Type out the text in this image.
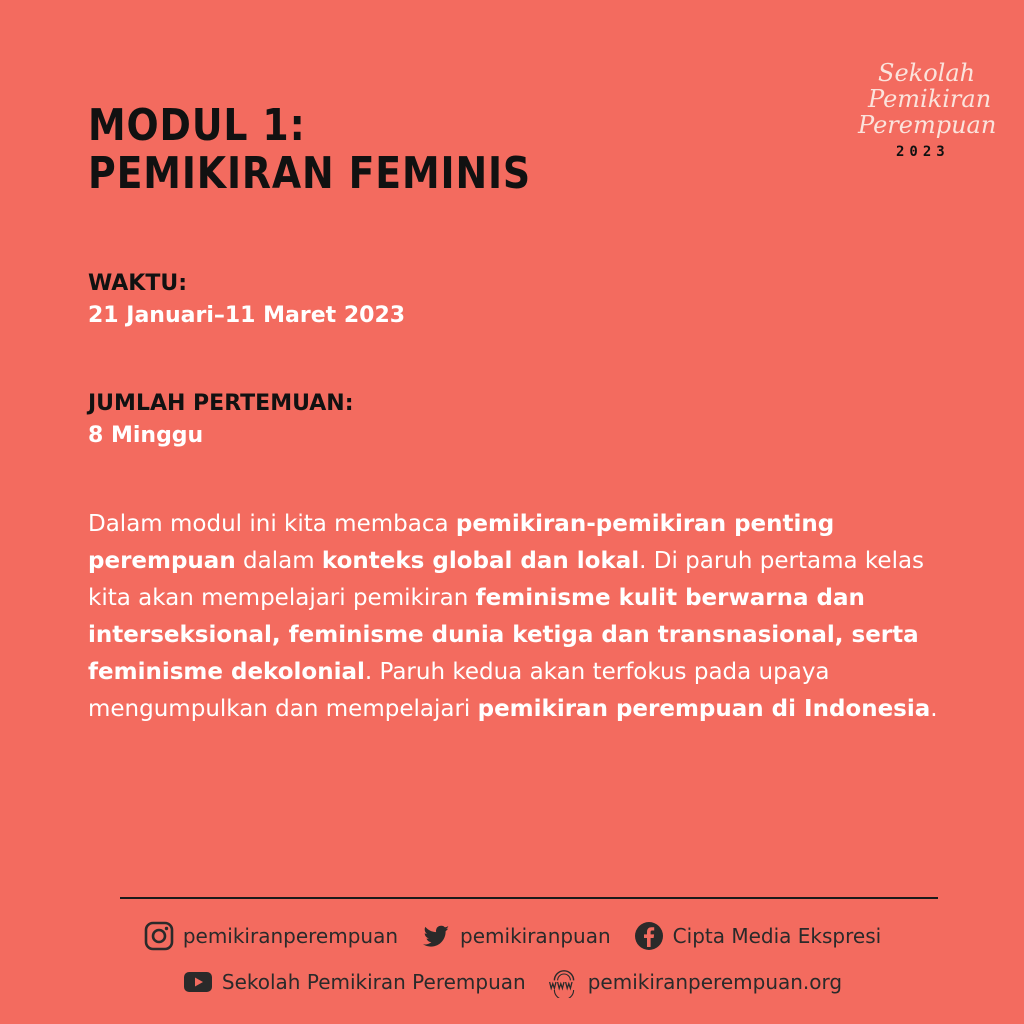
MODUL 1:
PEMIKIRAN FEMINIS
Sekolah
Pemikiran
Perempuan
2023
WAKTU:
21 Januari–11 Maret 2023
JUMLAH PERTEMUAN:
8 Minggu
Dalam modul ini kita membaca pemikiran-pemikiran penting perempuan dalam konteks global dan lokal. Di paruh pertama kelas kita akan mempelajari pemikiran feminisme kulit berwarna dan interseksional, feminisme dunia ketiga dan transnasional, serta feminisme dekolonial. Paruh kedua akan terfokus pada upaya mengumpulkan dan mempelajari pemikiran perempuan di Indonesia.
pemikiranperempuan	pemikiranpuan	Cipta Media Ekspresi
Sekolah Pemikiran Perempuan	pemikiranperempuan.org
